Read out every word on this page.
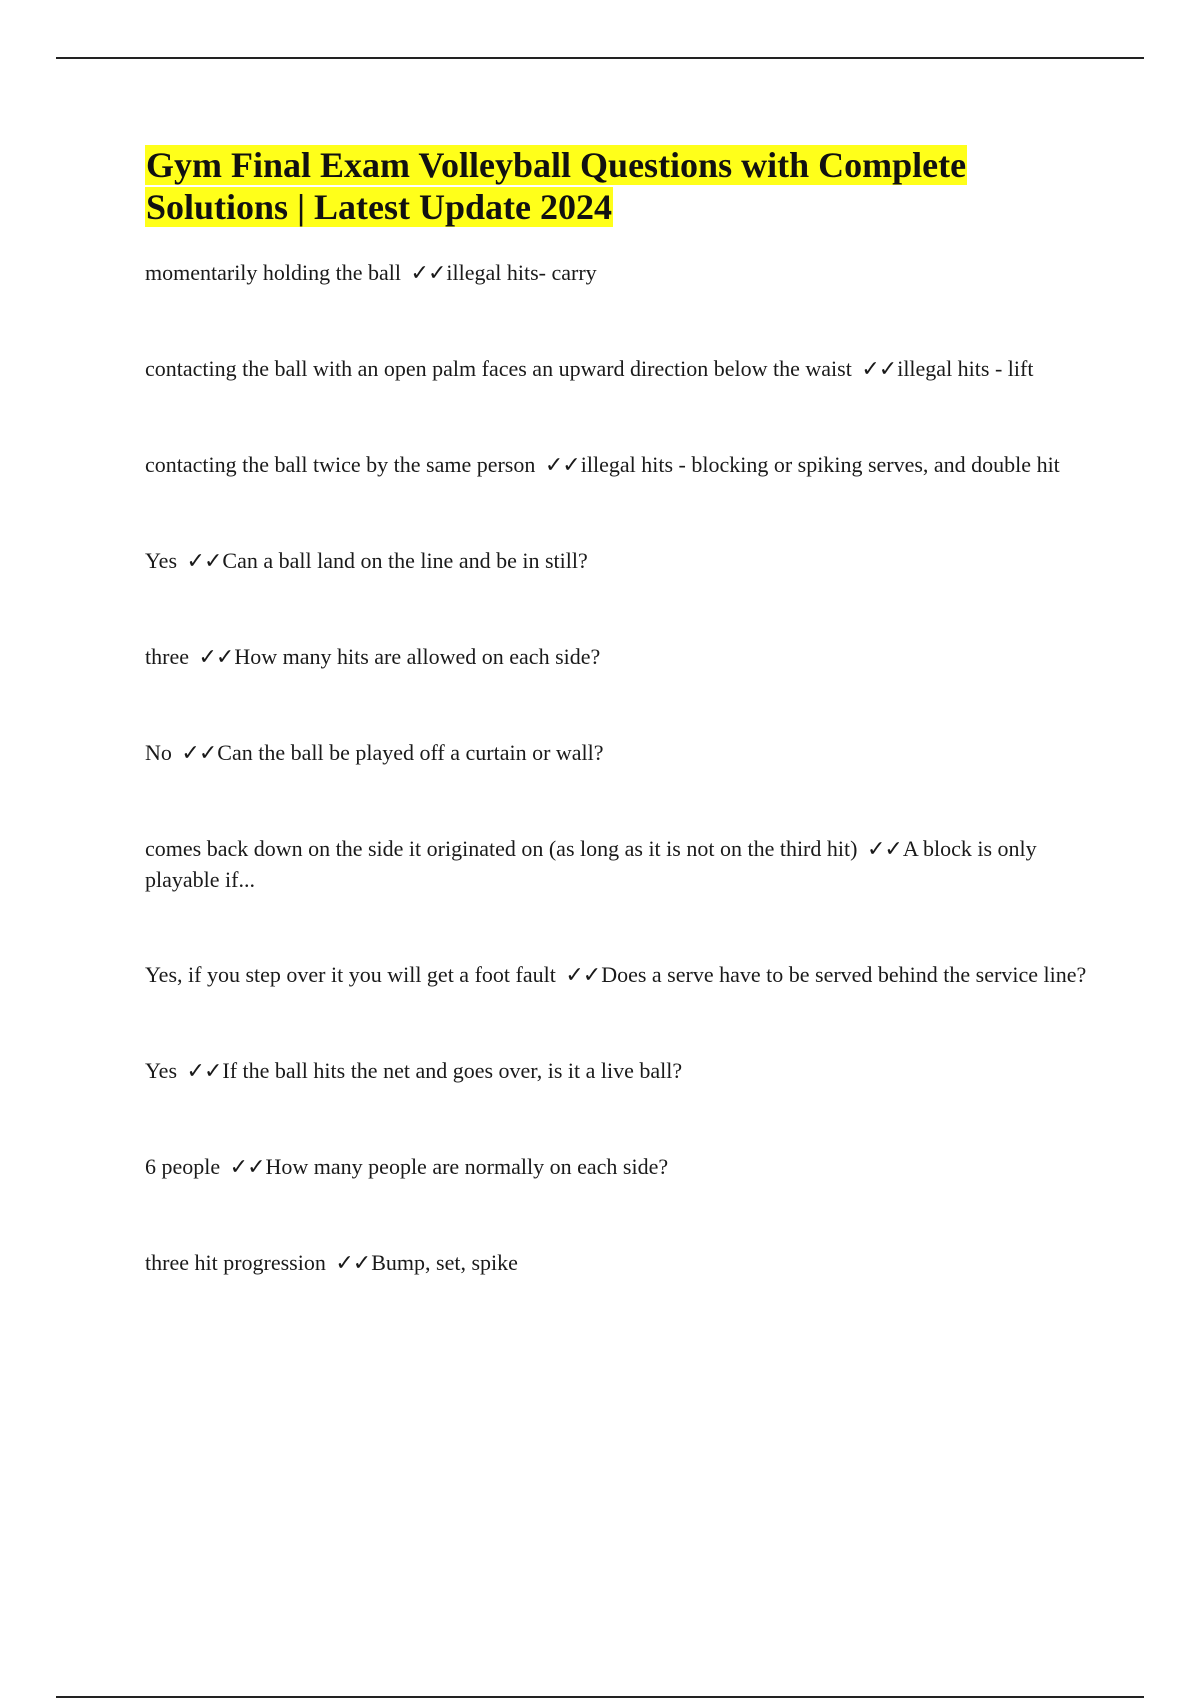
Gym Final Exam Volleyball Questions with Complete Solutions | Latest Update 2024
momentarily holding the ball ✓✓illegal hits- carry
contacting the ball with an open palm faces an upward direction below the waist ✓✓illegal hits - lift
contacting the ball twice by the same person ✓✓illegal hits - blocking or spiking serves, and double hit
Yes ✓✓Can a ball land on the line and be in still?
three ✓✓How many hits are allowed on each side?
No ✓✓Can the ball be played off a curtain or wall?
comes back down on the side it originated on (as long as it is not on the third hit) ✓✓A block is only playable if...
Yes, if you step over it you will get a foot fault ✓✓Does a serve have to be served behind the service line?
Yes ✓✓If the ball hits the net and goes over, is it a live ball?
6 people ✓✓How many people are normally on each side?
three hit progression ✓✓Bump, set, spike
